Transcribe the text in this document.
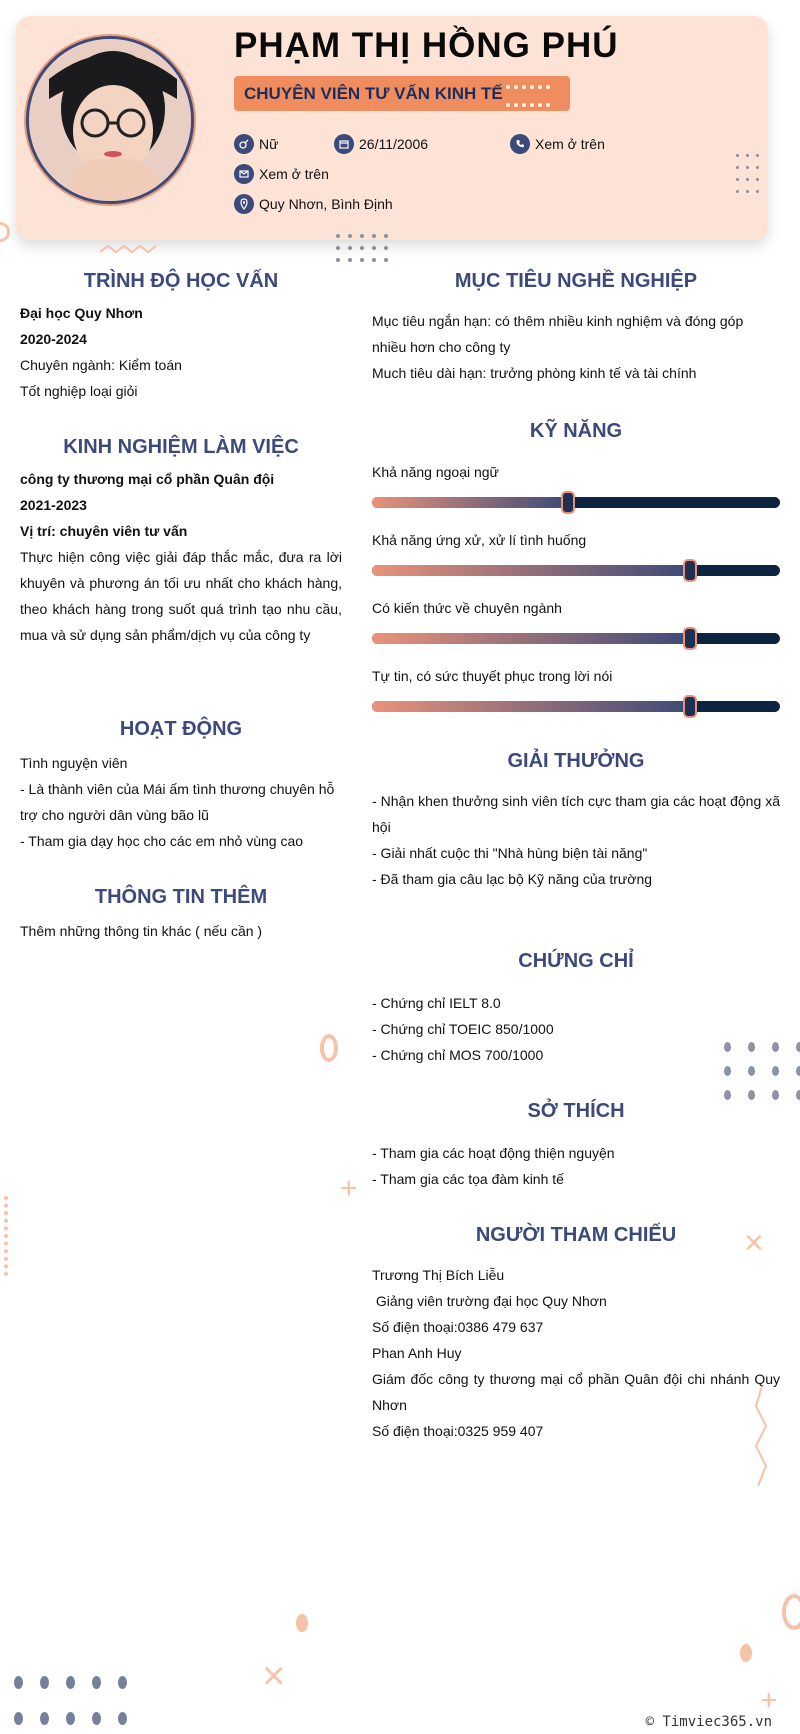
PHẠM THỊ HỒNG PHÚ
CHUYÊN VIÊN TƯ VẤN KINH TẾ

Nữ	26/11/2006	Xem ở trên
Xem ở trên
Quy Nhơn, Bình Định
TRÌNH ĐỘ HỌC VẤN
Đại học Quy Nhơn
2020-2024
Chuyên ngành: Kiểm toán
Tốt nghiệp loại giỏi
KINH NGHIỆM LÀM VIỆC
công ty thương mại cổ phần Quân đội
2021-2023
Vị trí: chuyên viên tư vấn
Thực hiện công việc giải đáp thắc mắc, đưa ra lời khuyên và phương án tối ưu nhất cho khách hàng, theo khách hàng trong suốt quá trình tạo nhu cầu, mua và sử dụng sản phẩm/dịch vụ của công ty
HOẠT ĐỘNG
Tình nguyện viên
- Là thành viên của Mái ấm tình thương chuyên hỗ trợ cho người dân vùng bão lũ
- Tham gia dạy học cho các em nhỏ vùng cao
THÔNG TIN THÊM
Thêm những thông tin khác ( nếu cần )
MỤC TIÊU NGHỀ NGHIỆP
Mục tiêu ngắn hạn: có thêm nhiều kinh nghiệm và đóng góp nhiều hơn cho công ty
Much tiêu dài hạn: trưởng phòng kinh tế và tài chính
KỸ NĂNG
Khả năng ngoại ngữ
Khả năng ứng xử, xử lí tình huống
Có kiến thức về chuyên ngành
Tự tin, có sức thuyết phục trong lời nói
GIẢI THƯỞNG
- Nhận khen thưởng sinh viên tích cực tham gia các hoạt động xã hội
- Giải nhất cuộc thi "Nhà hùng biện tài năng"
- Đã tham gia câu lạc bộ Kỹ năng của trường
CHỨNG CHỈ
- Chứng chỉ IELT 8.0
- Chứng chỉ TOEIC 850/1000
- Chứng chỉ MOS 700/1000
SỞ THÍCH
- Tham gia các hoạt động thiện nguyện
- Tham gia các tọa đàm kinh tế
NGƯỜI THAM CHIẾU
Trương Thị Bích Liễu
Giảng viên trường đại học Quy Nhơn
Số điện thoại:0386 479 637
Phan Anh Huy
Giám đốc công ty thương mại cổ phần Quân đội chi nhánh Quy Nhơn
Số điện thoại:0325 959 407
+
×
×
+
© Timviec365.vn
